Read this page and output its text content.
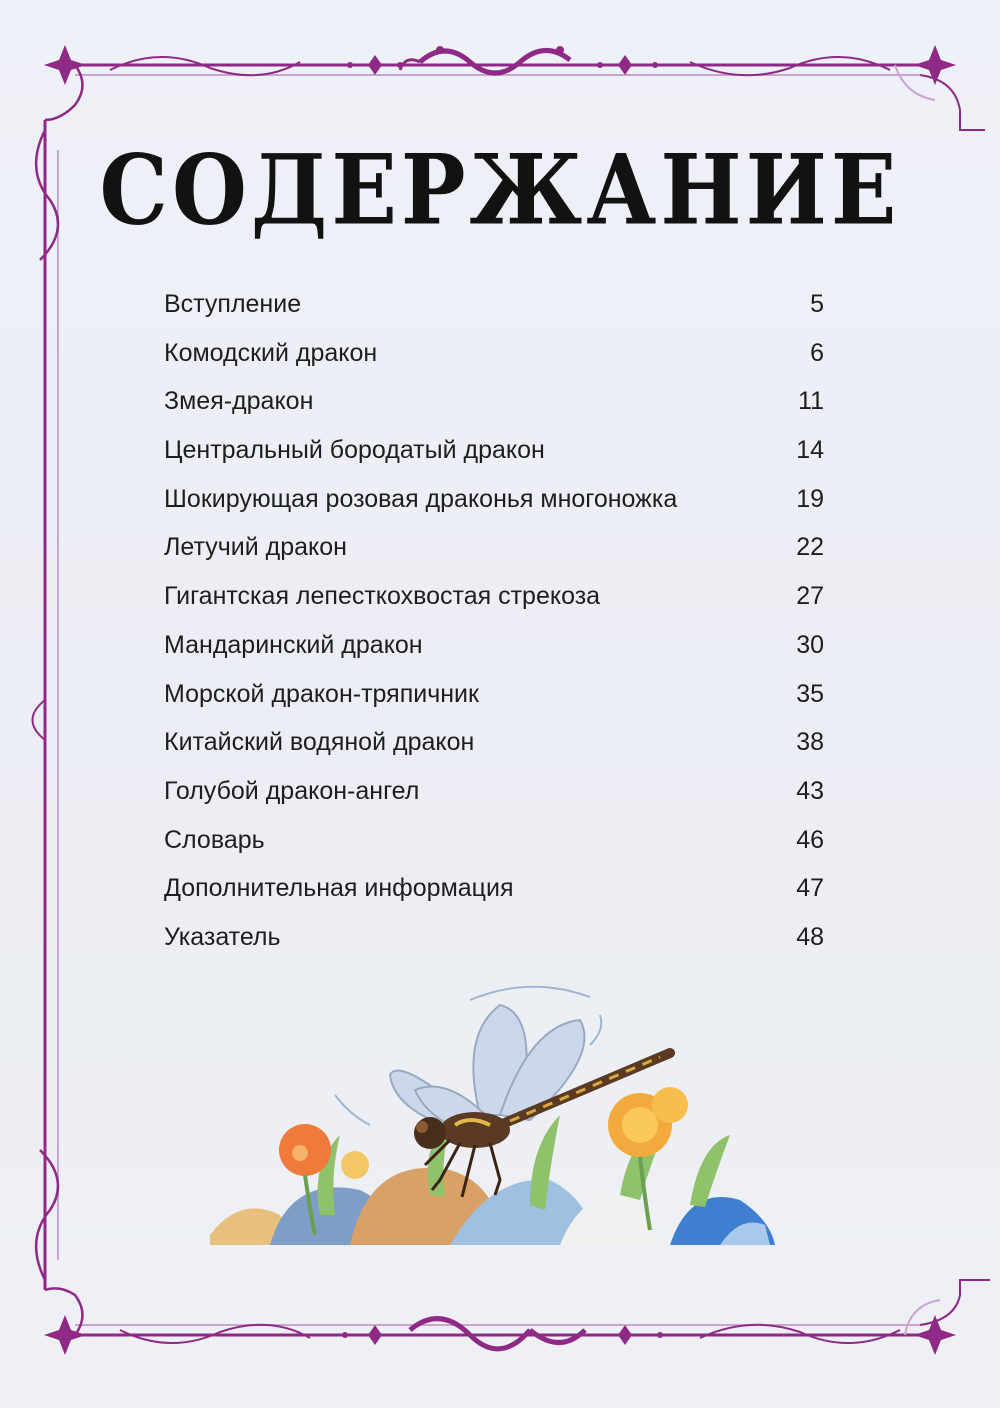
СОДЕРЖАНИЕ
Вступление	5
Комодский дракон	6
Змея-дракон	11
Центральный бородатый дракон	14
Шокирующая розовая драконья многоножка	19
Летучий дракон	22
Гигантская лепесткохвостая стрекоза	27
Мандаринский дракон	30
Морской дракон-тряпичник	35
Китайский водяной дракон	38
Голубой дракон-ангел	43
Словарь	46
Дополнительная информация	47
Указатель	48
